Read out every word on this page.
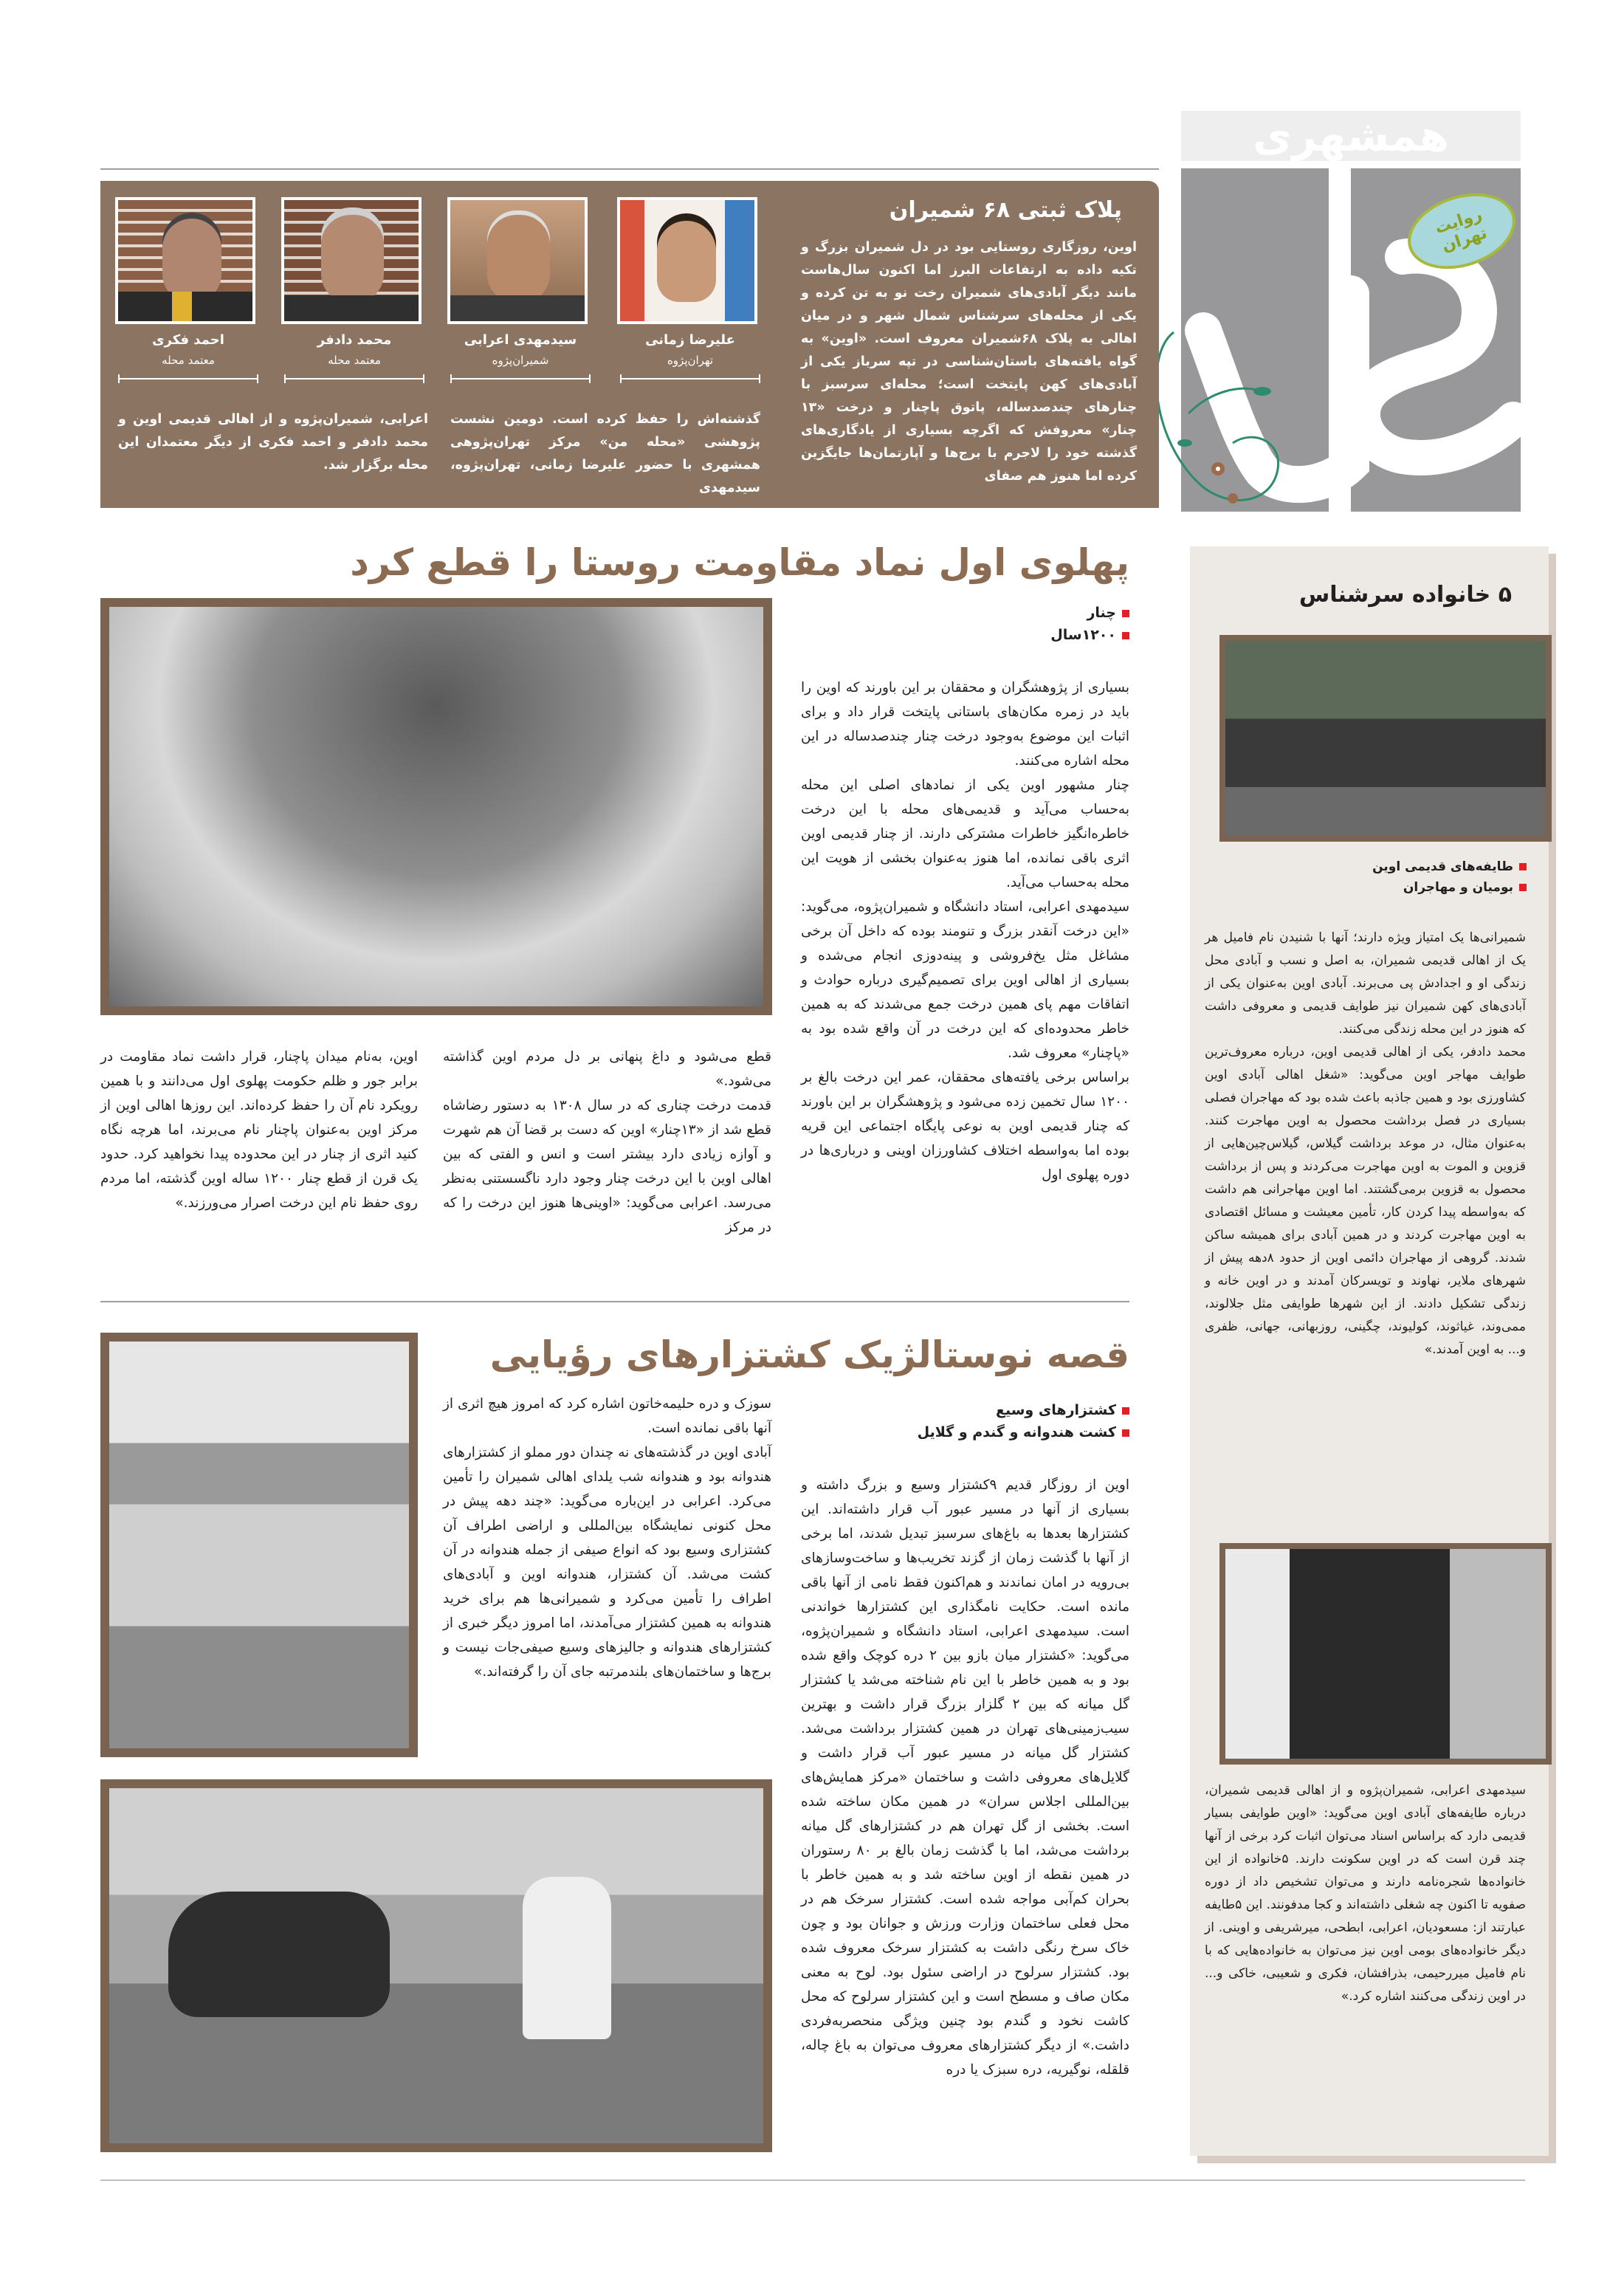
همشهری
روایت تهران
پلاک ثبتی ۶۸ شمیران

اوین، روزگاری روستایی بود در دل شمیران بزرگ و تکیه داده به ارتفاعات البرز اما اکنون سال‌هاست مانند دیگر آبادی‌های شمیران رخت نو به تن کرده و یکی از محله‌های سرشناس شمال شهر و در میان اهالی به پلاک ۶۸شمیران معروف است. «اوین» به گواه یافته‌های باستان‌شناسی در تپه سرباز یکی از آبادی‌های کهن پایتخت است؛ محله‌ای سرسبز با چنارهای چندصدساله، پاتوق پاچنار و درخت «۱۳ چنار» معروفش که اگرچه بسیاری از یادگاری‌های گذشته خود را لاجرم با برج‌ها و آپارتمان‌ها جایگزین کرده اما هنوز هم صفای

علیرضا زمانی
تهران‌پژوه
سیدمهدی اعرابی
شمیران‌پژوه
محمد دادفر
معتمد محله
احمد فکری
معتمد محله

گذشته‌اش را حفظ کرده است. دومین نشست پژوهشی «محله من» مرکز تهران‌پژوهی همشهری با حضور علیرضا زمانی، تهران‌پژوه، سیدمهدی

اعرابی، شمیران‌پژوه و از اهالی قدیمی اوین و محمد دادفر و احمد فکری از دیگر معتمدان این محله برگزار شد.

پهلوی اول نماد مقاومت روستا را قطع کرد
چنار
۱۲۰۰سال

بسیاری از پژوهشگران و محققان بر این باورند که اوین را باید در زمره مکان‌های باستانی پایتخت قرار داد و برای اثبات این موضوع به‌وجود درخت چنار چندصدساله در این محله اشاره می‌کنند.

چنار مشهور اوین یکی از نمادهای اصلی این محله به‌حساب می‌آید و قدیمی‌های محله با این درخت خاطره‌انگیز خاطرات مشترکی دارند. از چنار قدیمی اوین اثری باقی نمانده، اما هنوز به‌عنوان بخشی از هویت این محله به‌حساب می‌آید.

سیدمهدی اعرابی، استاد دانشگاه و شمیران‌پژوه، می‌گوید: «این درخت آنقدر بزرگ و تنومند بوده که داخل آن برخی مشاغل مثل یخ‌فروشی و پینه‌دوزی انجام می‌شده و بسیاری از اهالی اوین برای تصمیم‌گیری درباره حوادث و اتفاقات مهم پای همین درخت جمع می‌شدند که به همین خاطر محدوده‌ای که این درخت در آن واقع شده بود به «پاچنار» معروف شد.

براساس برخی یافته‌های محققان، عمر این درخت بالغ بر ۱۲۰۰ سال تخمین زده می‌شود و پژوهشگران بر این باورند که چنار قدیمی اوین به نوعی پایگاه اجتماعی این قریه بوده اما به‌واسطه اختلاف کشاورزان اوینی و درباری‌ها در دوره پهلوی اول

قطع می‌شود و داغ پنهانی بر دل مردم اوین گذاشته می‌شود.»

قدمت درخت چناری که در سال ۱۳۰۸ به دستور رضاشاه قطع شد از «۱۳چنار» اوین که دست بر قضا آن هم شهرت و آوازه زیادی دارد بیشتر است و انس و الفتی که بین اهالی اوین با این درخت چنار وجود دارد ناگسستنی به‌نظر می‌رسد. اعرابی می‌گوید: «اوینی‌ها هنوز این درخت را که در مرکز

اوین، به‌نام میدان پاچنار، قرار داشت نماد مقاومت در برابر جور و ظلم حکومت پهلوی اول می‌دانند و با همین رویکرد نام آن را حفظ کرده‌اند. این روزها اهالی اوین از مرکز اوین به‌عنوان پاچنار نام می‌برند، اما هرچه نگاه کنید اثری از چنار در این محدوده پیدا نخواهید کرد. حدود یک قرن از قطع چنار ۱۲۰۰ ساله اوین گذشته، اما مردم روی حفظ نام این درخت اصرار می‌ورزند.»

قصه نوستالژیک کشتزارهای رؤیایی
کشتزارهای وسیع
کشت هندوانه و گندم و گلایل

اوین از روزگار قدیم ۹کشتزار وسیع و بزرگ داشته و بسیاری از آنها در مسیر عبور آب قرار داشته‌اند. این کشتزارها بعدها به باغ‌های سرسبز تبدیل شدند، اما برخی از آنها با گذشت زمان از گزند تخریب‌ها و ساخت‌وسازهای بی‌رویه در امان نماندند و هم‌اکنون فقط نامی از آنها باقی مانده است. حکایت نامگذاری این کشتزارها خواندنی است. سیدمهدی اعرابی، استاد دانشگاه و شمیران‌پژوه، می‌گوید: «کشتزار میان بازو بین ۲ دره کوچک واقع شده بود و به همین خاطر با این نام شناخته می‌شد یا کشتزار گل میانه که بین ۲ گلزار بزرگ قرار داشت و بهترین سیب‌زمینی‌های تهران در همین کشتزار برداشت می‌شد. کشتزار گل میانه در مسیر عبور آب قرار داشت و گلایل‌های معروفی داشت و ساختمان «مرکز همایش‌های بین‌المللی اجلاس سران» در همین مکان ساخته شده است. بخشی از گل تهران هم در کشتزارهای گل میانه برداشت می‌شد، اما با گذشت زمان بالغ بر ۸۰ رستوران در همین نقطه از اوین ساخته شد و به همین خاطر با بحران کم‌آبی مواجه شده است. کشتزار سرخک هم در محل فعلی ساختمان وزارت ورزش و جوانان بود و چون خاک سرخ رنگی داشت به کشتزار سرخک معروف شده بود. کشتزار سرلوح در اراضی سئول بود. لوح به معنی مکان صاف و مسطح است و این کشتزار سرلوح که محل کاشت نخود و گندم بود چنین ویژگی منحصربه‌فردی داشت.» از دیگر کشتزارهای معروف می‌توان به باغ چاله، قلقله، نوگیریه، دره سبزک یا دره

سوزک و دره حلیمه‌خاتون اشاره کرد که امروز هیچ اثری از آنها باقی نمانده است.

آبادی اوین در گذشته‌های نه چندان دور مملو از کشتزارهای هندوانه بود و هندوانه شب یلدای اهالی شمیران را تأمین می‌کرد. اعرابی در این‌باره می‌گوید: «چند دهه پیش در محل کنونی نمایشگاه بین‌المللی و اراضی اطراف آن کشتزاری وسیع بود که انواع صیفی از جمله هندوانه در آن کشت می‌شد. آن کشتزار، هندوانه اوین و آبادی‌های اطراف را تأمین می‌کرد و شمیرانی‌ها هم برای خرید هندوانه به همین کشتزار می‌آمدند، اما امروز دیگر خبری از کشتزارهای هندوانه و جالیزهای وسیع صیفی‌جات نیست و برج‌ها و ساختمان‌های بلندمرتبه جای آن را گرفته‌اند.»

۵ خانواده سرشناس
طایفه‌های قدیمی اوین
بومیان و مهاجران

شمیرانی‌ها یک امتیاز ویژه دارند؛ آنها با شنیدن نام فامیل هر یک از اهالی قدیمی شمیران، به اصل و نسب و آبادی محل زندگی او و اجدادش پی می‌برند. آبادی اوین به‌عنوان یکی از آبادی‌های کهن شمیران نیز طوایف قدیمی و معروفی داشت که هنوز در این محله زندگی می‌کنند.

محمد دادفر، یکی از اهالی قدیمی اوین، درباره معروف‌ترین طوایف مهاجر اوین می‌گوید: «شغل اهالی آبادی اوین کشاورزی بود و همین جاذبه باعث شده بود که مهاجران فصلی بسیاری در فصل برداشت محصول به اوین مهاجرت کنند. به‌عنوان مثال، در موعد برداشت گیلاس، گیلاس‌چین‌هایی از قزوین و الموت به اوین مهاجرت می‌کردند و پس از برداشت محصول به قزوین برمی‌گشتند. اما اوین مهاجرانی هم داشت که به‌واسطه پیدا کردن کار، تأمین معیشت و مسائل اقتصادی به اوین مهاجرت کردند و در همین آبادی برای همیشه ساکن شدند. گروهی از مهاجران دائمی اوین از حدود ۸دهه پیش از شهرهای ملایر، نهاوند و تویسرکان آمدند و در اوین خانه و زندگی تشکیل دادند. از این شهرها طوایفی مثل جلالوند، ممی‌وند، غیاثوند، کولیوند، چگینی، روزبهانی، جهانی، ظفری و... به اوین آمدند.»

سیدمهدی اعرابی، شمیران‌پژوه و از اهالی قدیمی شمیران، درباره طایفه‌های آبادی اوین می‌گوید: «اوین طوایفی بسیار قدیمی دارد که براساس اسناد می‌توان اثبات کرد برخی از آنها چند قرن است که در اوین سکونت دارند. ۵خانواده از این خانواده‌ها شجره‌نامه دارند و می‌توان تشخیص داد از دوره صفویه تا اکنون چه شغلی داشته‌اند و کجا مدفونند. این ۵طایفه عبارتند از: مسعودیان، اعرابی، ابطحی، میرشریفی و اوینی. از دیگر خانواده‌های بومی اوین نیز می‌توان به خانواده‌هایی که با نام فامیل میررحیمی، بذرافشان، فکری و شعیبی، خاکی و... در اوین زندگی می‌کنند اشاره کرد.»
